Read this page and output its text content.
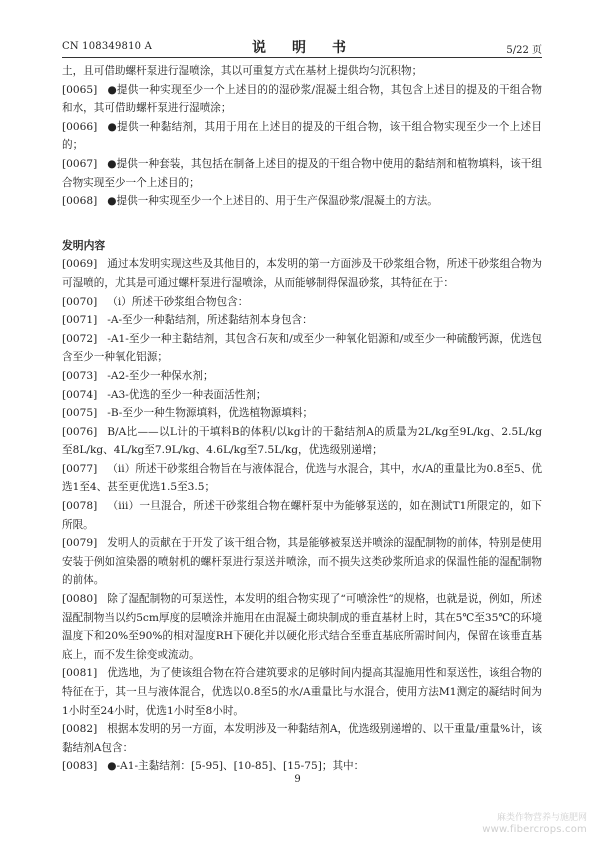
CN 108349810 A	说　明　书	5/22 页

土，且可借助螺杆泵进行湿喷涂，其以可重复方式在基材上提供均匀沉积物；

[0065] ●提供一种实现至少一个上述目的的湿砂浆/混凝土组合物，其包含上述目的提及的干组合物和水，其可借助螺杆泵进行湿喷涂；

[0066] ●提供一种黏结剂，其用于用在上述目的提及的干组合物，该干组合物实现至少一个上述目的；

[0067] ●提供一种套装，其包括在制备上述目的提及的干组合物中使用的黏结剂和植物填料，该干组合物实现至少一个上述目的；

[0068] ●提供一种实现至少一个上述目的、用于生产保温砂浆/混凝土的方法。

发明内容

[0069] 通过本发明实现这些及其他目的，本发明的第一方面涉及干砂浆组合物，所述干砂浆组合物为可湿喷的，尤其是可通过螺杆泵进行湿喷涂，从而能够制得保温砂浆，其特征在于：

[0070] （i）所述干砂浆组合物包含：

[0071] -A-至少一种黏结剂，所述黏结剂本身包含：

[0072] -A1-至少一种主黏结剂，其包含石灰和/或至少一种氧化铝源和/或至少一种硫酸钙源，优选包含至少一种氧化铝源；

[0073] -A2-至少一种保水剂；

[0074] -A3-优选的至少一种表面活性剂；

[0075] -B-至少一种生物源填料，优选植物源填料；

[0076] B/A比——以L计的干填料B的体积/以kg计的干黏结剂A的质量为2L/kg至9L/kg、2.5L/kg至8L/kg、4L/kg至7.9L/kg、4.6L/kg至7.5L/kg，优选级别递增；

[0077] （ii）所述干砂浆组合物旨在与液体混合，优选与水混合，其中，水/A的重量比为0.8至5、优选1至4、甚至更优选1.5至3.5；

[0078] （iii）一旦混合，所述干砂浆组合物在螺杆泵中为能够泵送的，如在测试T1所限定的，如下所限。

[0079] 发明人的贡献在于开发了该干组合物，其是能够被泵送并喷涂的湿配制物的前体，特别是使用安装于例如渲染器的喷射机的螺杆泵进行泵送并喷涂，而不损失这类砂浆所追求的保温性能的湿配制物的前体。

[0080] 除了湿配制物的可泵送性，本发明的组合物实现了“可喷涂性”的规格，也就是说，例如，所述湿配制物当以约5cm厚度的层喷涂并施用在由混凝土砌块制成的垂直基材上时，其在5℃至35℃的环境温度下和20%至90%的相对湿度RH下硬化并以硬化形式结合至垂直基底所需时间内，保留在该垂直基底上，而不发生徐变或流动。

[0081] 优选地，为了使该组合物在符合建筑要求的足够时间内提高其湿施用性和泵送性，该组合物的特征在于，其一旦与液体混合，优选以0.8至5的水/A重量比与水混合，使用方法M1测定的凝结时间为1小时至24小时，优选1小时至8小时。

[0082] 根据本发明的另一方面，本发明涉及一种黏结剂A，优选级别递增的、以干重量/重量%计，该黏结剂A包含：

[0083] ●-A1-主黏结剂：[5-95]、[10-85]、[15-75]；其中：

9
麻类作物营养与施肥网
www.fibercrops.com
